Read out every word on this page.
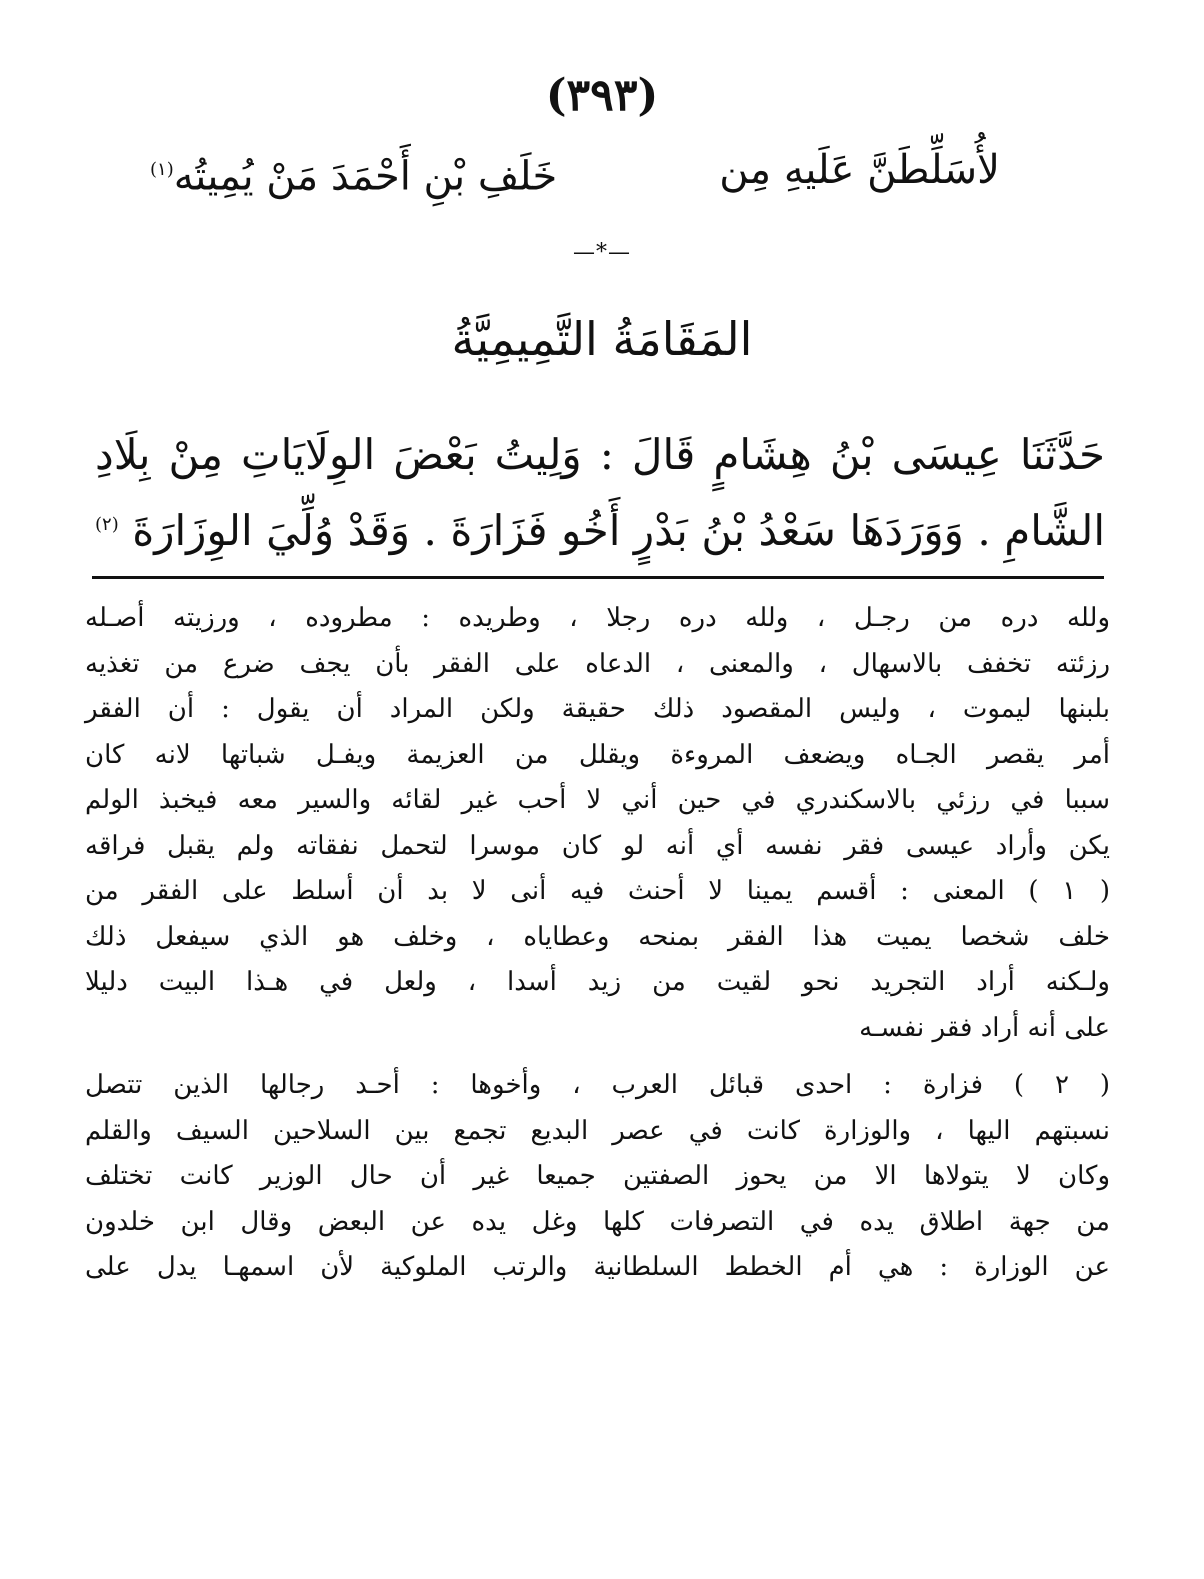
(٣٩٣)
لأُسَلِّطَنَّ عَلَيهِ مِن
خَلَفِ بْنِ أَحْمَدَ مَنْ يُمِيتُه$^{(١)}$
—*—
المَقَامَةُ التَّمِيمِيَّةُ
حَدَّثَنَا عِيسَى بْنُ هِشَامٍ قَالَ : وَلِيتُ بَعْضَ الوِلَايَاتِ مِنْ بِلَادِ
الشَّامِ . وَوَرَدَهَا سَعْدُ بْنُ بَدْرٍ أَخُو فَزَارَةَ . وَقَدْ وُلِّيَ الوِزَارَةَ $^{(٢)}$
ولله دره من رجـل ، ولله دره رجلا ، وطريده : مطروده ، ورزيته أصـله
رزئته تخفف بالاسهال ، والمعنى ، الدعاه على الفقر بأن يجف ضرع من تغذيه
بلبنها ليموت ، وليس المقصود ذلك حقيقة ولكن المراد أن يقول : أن الفقر
أمر يقصر الجـاه ويضعف المروءة ويقلل من العزيمة ويفـل شباتها لانه كان
سببا في رزئي بالاسكندري في حين أني لا أحب غير لقائه والسير معه فيخبذ الولم
يكن وأراد عيسى فقر نفسه أي أنه لو كان موسرا لتحمل نفقاته ولم يقبل فراقه
( ١ ) المعنى : أقسم يمينا لا أحنث فيه أنى لا بد أن أسلط على الفقر من
خلف شخصا يميت هذا الفقر بمنحه وعطاياه ، وخلف هو الذي سيفعل ذلك
ولـكنه أراد التجريد نحو لقيت من زيد أسدا ، ولعل في هـذا البيت دليلا
على أنه أراد فقر نفسـه
( ٢ ) فزارة : احدى قبائل العرب ، وأخوها : أحـد رجالها الذين تتصل
نسبتهم اليها ، والوزارة كانت في عصر البديع تجمع بين السلاحين السيف والقلم
وكان لا يتولاها الا من يحوز الصفتين جميعا غير أن حال الوزير كانت تختلف
من جهة اطلاق يده في التصرفات كلها وغل يده عن البعض وقال ابن خلدون
عن الوزارة : هي أم الخطط السلطانية والرتب الملوكية لأن اسمهـا يدل على
